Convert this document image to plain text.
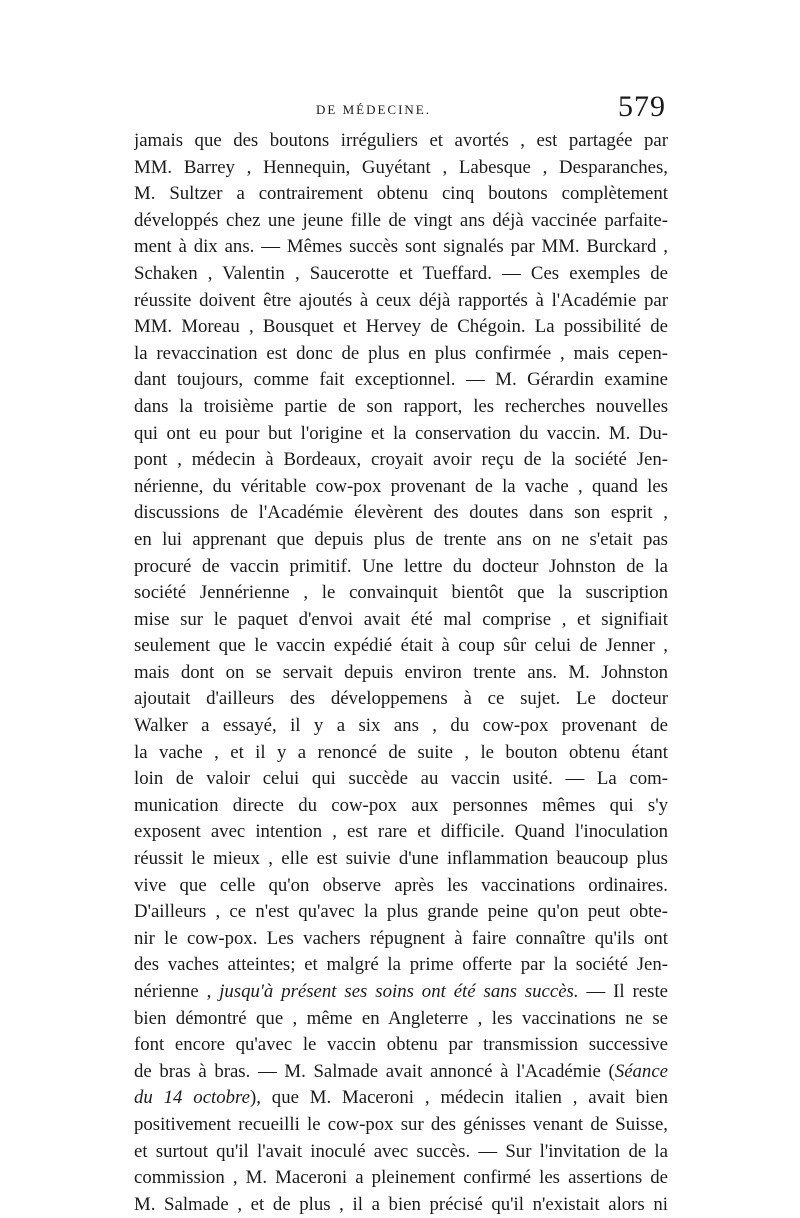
DE MÉDECINE.	579
jamais que des boutons irréguliers et avortés , est partagée par
MM. Barrey , Hennequin, Guyétant , Labesque , Desparanches,
M. Sultzer a contrairement obtenu cinq boutons complètement
développés chez une jeune fille de vingt ans déjà vaccinée parfaite-
ment à dix ans. — Mêmes succès sont signalés par MM. Burckard ,
Schaken , Valentin , Saucerotte et Tueffard. — Ces exemples de
réussite doivent être ajoutés à ceux déjà rapportés à l'Académie par
MM. Moreau , Bousquet et Hervey de Chégoin. La possibilité de
la revaccination est donc de plus en plus confirmée , mais cepen-
dant toujours, comme fait exceptionnel. — M. Gérardin examine
dans la troisième partie de son rapport, les recherches nouvelles
qui ont eu pour but l'origine et la conservation du vaccin. M. Du-
pont , médecin à Bordeaux, croyait avoir reçu de la société Jen-
nérienne, du véritable cow-pox provenant de la vache , quand les
discussions de l'Académie élevèrent des doutes dans son esprit ,
en lui apprenant que depuis plus de trente ans on ne s'etait pas
procuré de vaccin primitif. Une lettre du docteur Johnston de la
société Jennérienne , le convainquit bientôt que la suscription
mise sur le paquet d'envoi avait été mal comprise , et signifiait
seulement que le vaccin expédié était à coup sûr celui de Jenner ,
mais dont on se servait depuis environ trente ans. M. Johnston
ajoutait d'ailleurs des développemens à ce sujet. Le docteur
Walker a essayé, il y a six ans , du cow-pox provenant de
la vache , et il y a renoncé de suite , le bouton obtenu étant
loin de valoir celui qui succède au vaccin usité. — La com-
munication directe du cow-pox aux personnes mêmes qui s'y
exposent avec intention , est rare et difficile. Quand l'inoculation
réussit le mieux , elle est suivie d'une inflammation beaucoup plus
vive que celle qu'on observe après les vaccinations ordinaires.
D'ailleurs , ce n'est qu'avec la plus grande peine qu'on peut obte-
nir le cow-pox. Les vachers répugnent à faire connaître qu'ils ont
des vaches atteintes; et malgré la prime offerte par la société Jen-
nérienne , jusqu'à présent ses soins ont été sans succès. — Il reste
bien démontré que , même en Angleterre , les vaccinations ne se
font encore qu'avec le vaccin obtenu par transmission successive
de bras à bras. — M. Salmade avait annoncé à l'Académie (Séance
du 14 octobre), que M. Maceroni , médecin italien , avait bien
positivement recueilli le cow-pox sur des génisses venant de Suisse,
et surtout qu'il l'avait inoculé avec succès. — Sur l'invitation de la
commission , M. Maceroni a pleinement confirmé les assertions de
M. Salmade , et de plus , il a bien précisé qu'il n'existait alors ni
